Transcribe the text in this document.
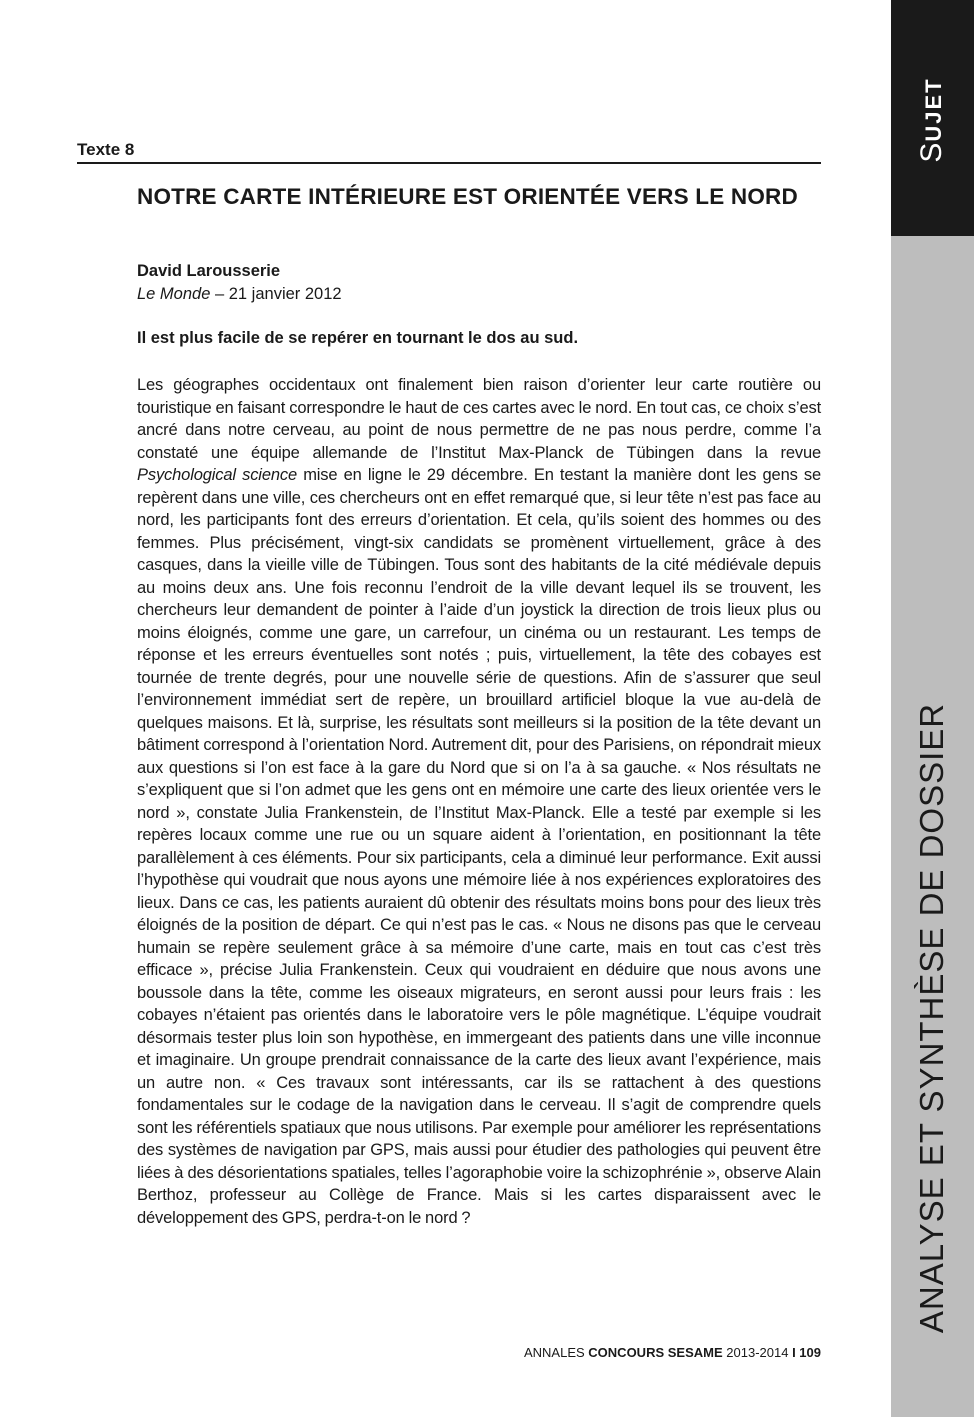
SUJET
ANALYSE ET SYNTHÈSE DE DOSSIER
Texte 8
NOTRE CARTE INTÉRIEURE EST ORIENTÉE VERS LE NORD
David Larousserie
Le Monde – 21 janvier 2012
Il est plus facile de se repérer en tournant le dos au sud.

Les géographes occidentaux ont finalement bien raison d’orienter leur carte routière ou touristique en faisant correspondre le haut de ces cartes avec le nord. En tout cas, ce choix s’est ancré dans notre cerveau, au point de nous permettre de ne pas nous perdre, comme l’a constaté une équipe allemande de l’Institut Max-Planck de Tübingen dans la revue Psychological science mise en ligne le 29 décembre. En testant la manière dont les gens se repèrent dans une ville, ces chercheurs ont en effet remarqué que, si leur tête n’est pas face au nord, les participants font des erreurs d’orientation. Et cela, qu’ils soient des hommes ou des femmes. Plus précisément, vingt-six candidats se promènent virtuellement, grâce à des casques, dans la vieille ville de Tübingen. Tous sont des habitants de la cité médiévale depuis au moins deux ans. Une fois reconnu l’endroit de la ville devant lequel ils se trouvent, les chercheurs leur demandent de pointer à l’aide d’un joystick la direction de trois lieux plus ou moins éloignés, comme une gare, un carrefour, un cinéma ou un restaurant. Les temps de réponse et les erreurs éventuelles sont notés ; puis, virtuellement, la tête des cobayes est tournée de trente degrés, pour une nouvelle série de questions. Afin de s’assurer que seul l’environnement immédiat sert de repère, un brouillard artificiel bloque la vue au-delà de quelques maisons. Et là, surprise, les résultats sont meilleurs si la position de la tête devant un bâtiment correspond à l’orientation Nord. Autrement dit, pour des Parisiens, on répondrait mieux aux questions si l’on est face à la gare du Nord que si on l’a à sa gauche. « Nos résultats ne s’expliquent que si l’on admet que les gens ont en mémoire une carte des lieux orientée vers le nord », constate Julia Frankenstein, de l’Institut Max-Planck. Elle a testé par exemple si les repères locaux comme une rue ou un square aident à l’orientation, en positionnant la tête parallèlement à ces éléments. Pour six participants, cela a diminué leur performance. Exit aussi l’hypothèse qui voudrait que nous ayons une mémoire liée à nos expériences exploratoires des lieux. Dans ce cas, les patients auraient dû obtenir des résultats moins bons pour des lieux très éloignés de la position de départ. Ce qui n’est pas le cas. « Nous ne disons pas que le cerveau humain se repère seulement grâce à sa mémoire d’une carte, mais en tout cas c’est très efficace », précise Julia Frankenstein. Ceux qui voudraient en déduire que nous avons une boussole dans la tête, comme les oiseaux migrateurs, en seront aussi pour leurs frais : les cobayes n’étaient pas orientés dans le laboratoire vers le pôle magnétique. L’équipe voudrait désormais tester plus loin son hypothèse, en immergeant des patients dans une ville inconnue et imaginaire. Un groupe prendrait connaissance de la carte des lieux avant l’expérience, mais un autre non. « Ces travaux sont intéressants, car ils se rattachent à des questions fondamentales sur le codage de la navigation dans le cerveau. Il s’agit de comprendre quels sont les référentiels spatiaux que nous utilisons. Par exemple pour améliorer les représentations des systèmes de navigation par GPS, mais aussi pour étudier des pathologies qui peuvent être liées à des désorientations spatiales, telles l’agoraphobie voire la schizophrénie », observe Alain Berthoz, professeur au Collège de France. Mais si les cartes disparaissent avec le développement des GPS, perdra-t-on le nord ?

ANNALES CONCOURS SESAME 2013-2014 I 109
